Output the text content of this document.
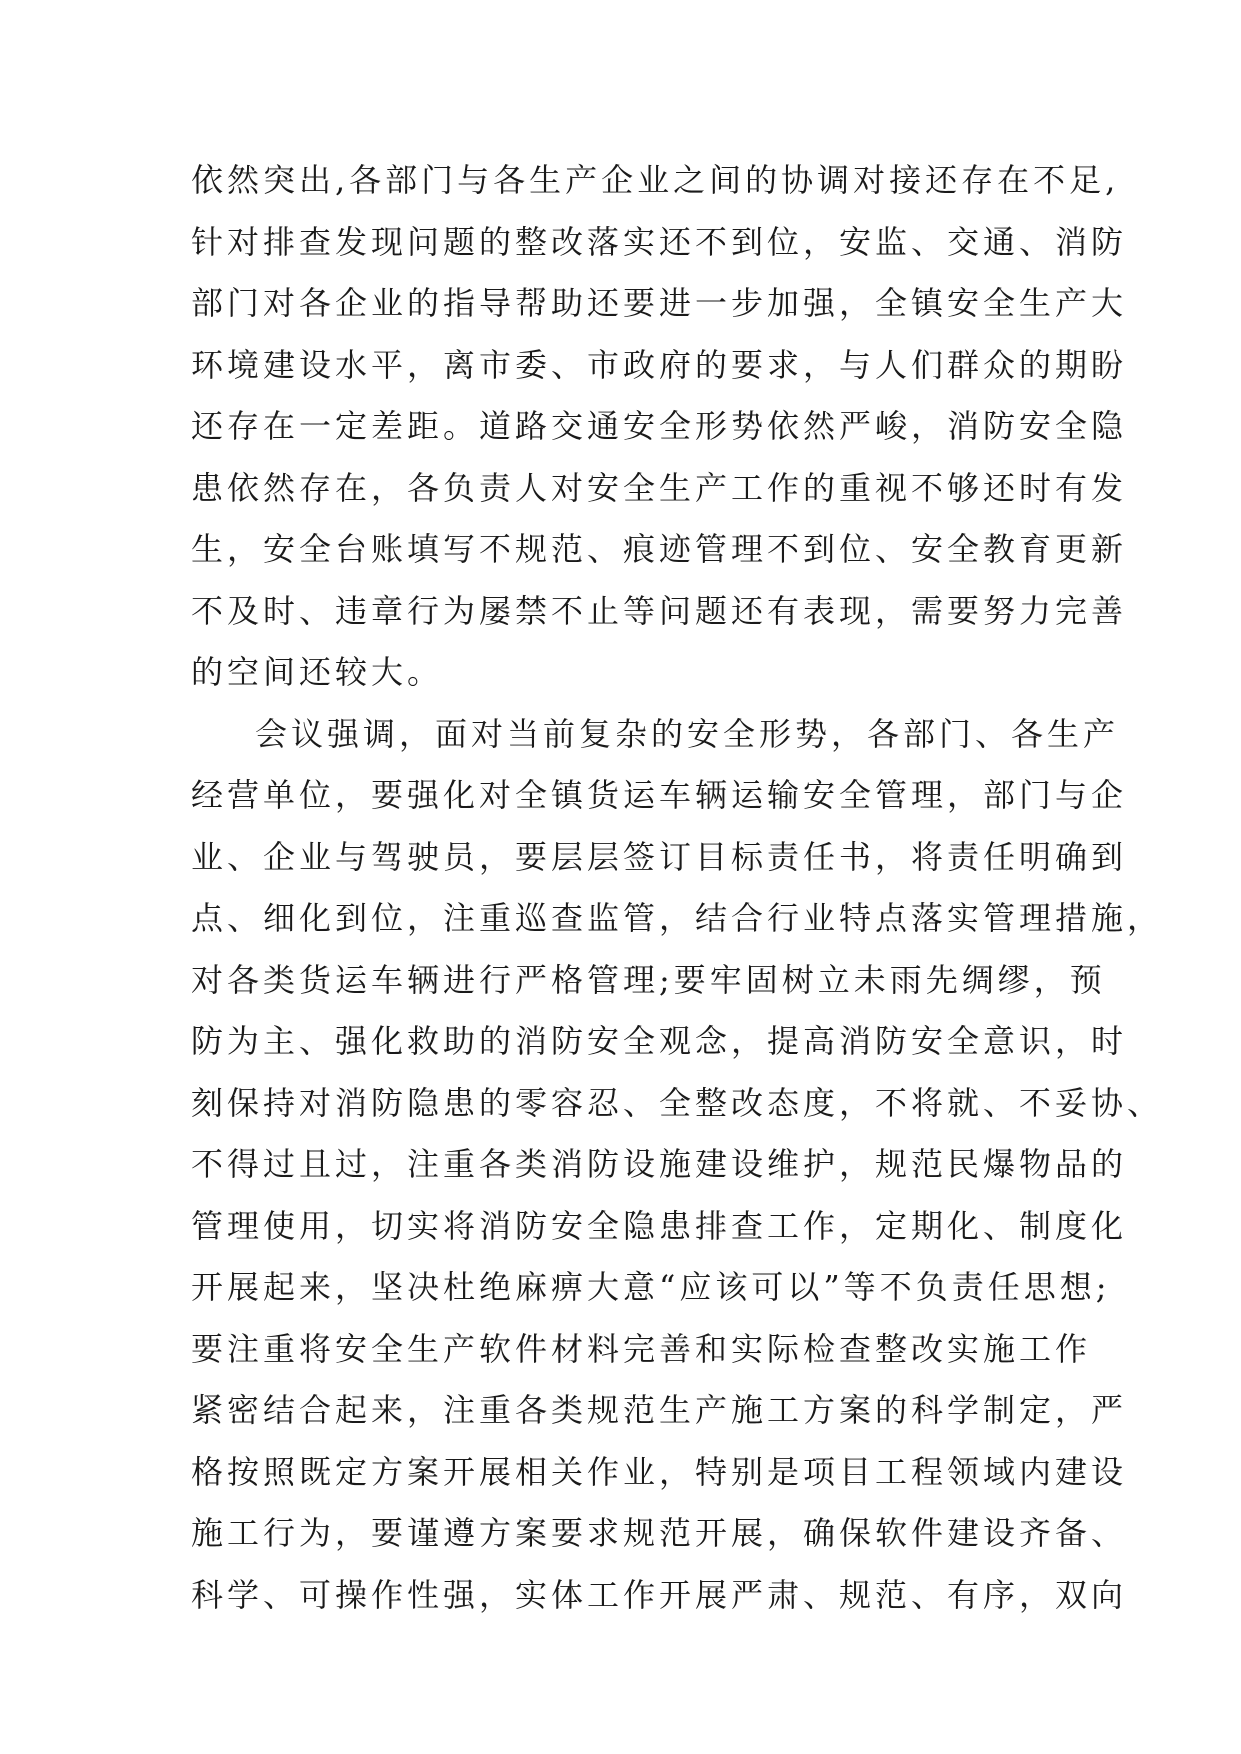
依然突出,各部门与各生产企业之间的协调对接还存在不足,
针对排查发现问题的整改落实还不到位，安监、交通、消防
部门对各企业的指导帮助还要进一步加强，全镇安全生产大
环境建设水平，离市委、市政府的要求，与人们群众的期盼
还存在一定差距。道路交通安全形势依然严峻，消防安全隐
患依然存在，各负责人对安全生产工作的重视不够还时有发
生，安全台账填写不规范、痕迹管理不到位、安全教育更新
不及时、违章行为屡禁不止等问题还有表现，需要努力完善
的空间还较大。
会议强调，面对当前复杂的安全形势，各部门、各生产
经营单位，要强化对全镇货运车辆运输安全管理，部门与企
业、企业与驾驶员，要层层签订目标责任书，将责任明确到
点、细化到位，注重巡查监管，结合行业特点落实管理措施，
对各类货运车辆进行严格管理;要牢固树立未雨先绸缪，预
防为主、强化救助的消防安全观念，提高消防安全意识，时
刻保持对消防隐患的零容忍、全整改态度，不将就、不妥协、
不得过且过，注重各类消防设施建设维护，规范民爆物品的
管理使用，切实将消防安全隐患排查工作，定期化、制度化
开展起来，坚决杜绝麻痹大意“应该可以”等不负责任思想;
要注重将安全生产软件材料完善和实际检查整改实施工作
紧密结合起来，注重各类规范生产施工方案的科学制定，严
格按照既定方案开展相关作业，特别是项目工程领域内建设
施工行为，要谨遵方案要求规范开展，确保软件建设齐备、
科学、可操作性强，实体工作开展严肃、规范、有序，双向
